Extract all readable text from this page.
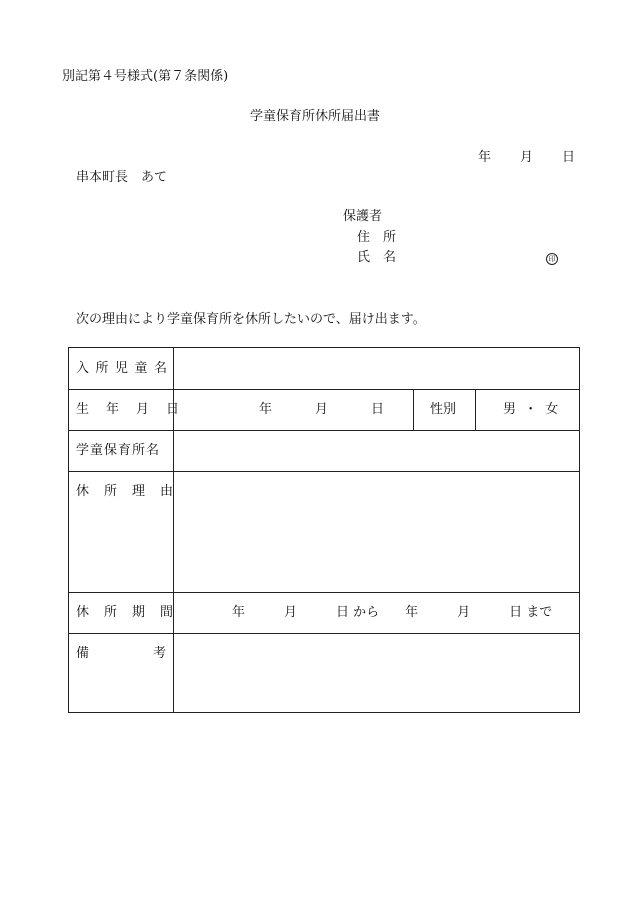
別記第４号様式(第７条関係)
学童保育所休所届出書
年　　月　　日
串本町長　あて
保護者
住　所
氏　名	印
次の理由により学童保育所を休所したいので、届け出ます。
入所児童名
生年月日	年　　　月　　　日	性別	男 ・ 女
学童保育所名
休所理由
休所期間	年　　　月　　　日 から　　年　　　月　　　日 まで
備考
